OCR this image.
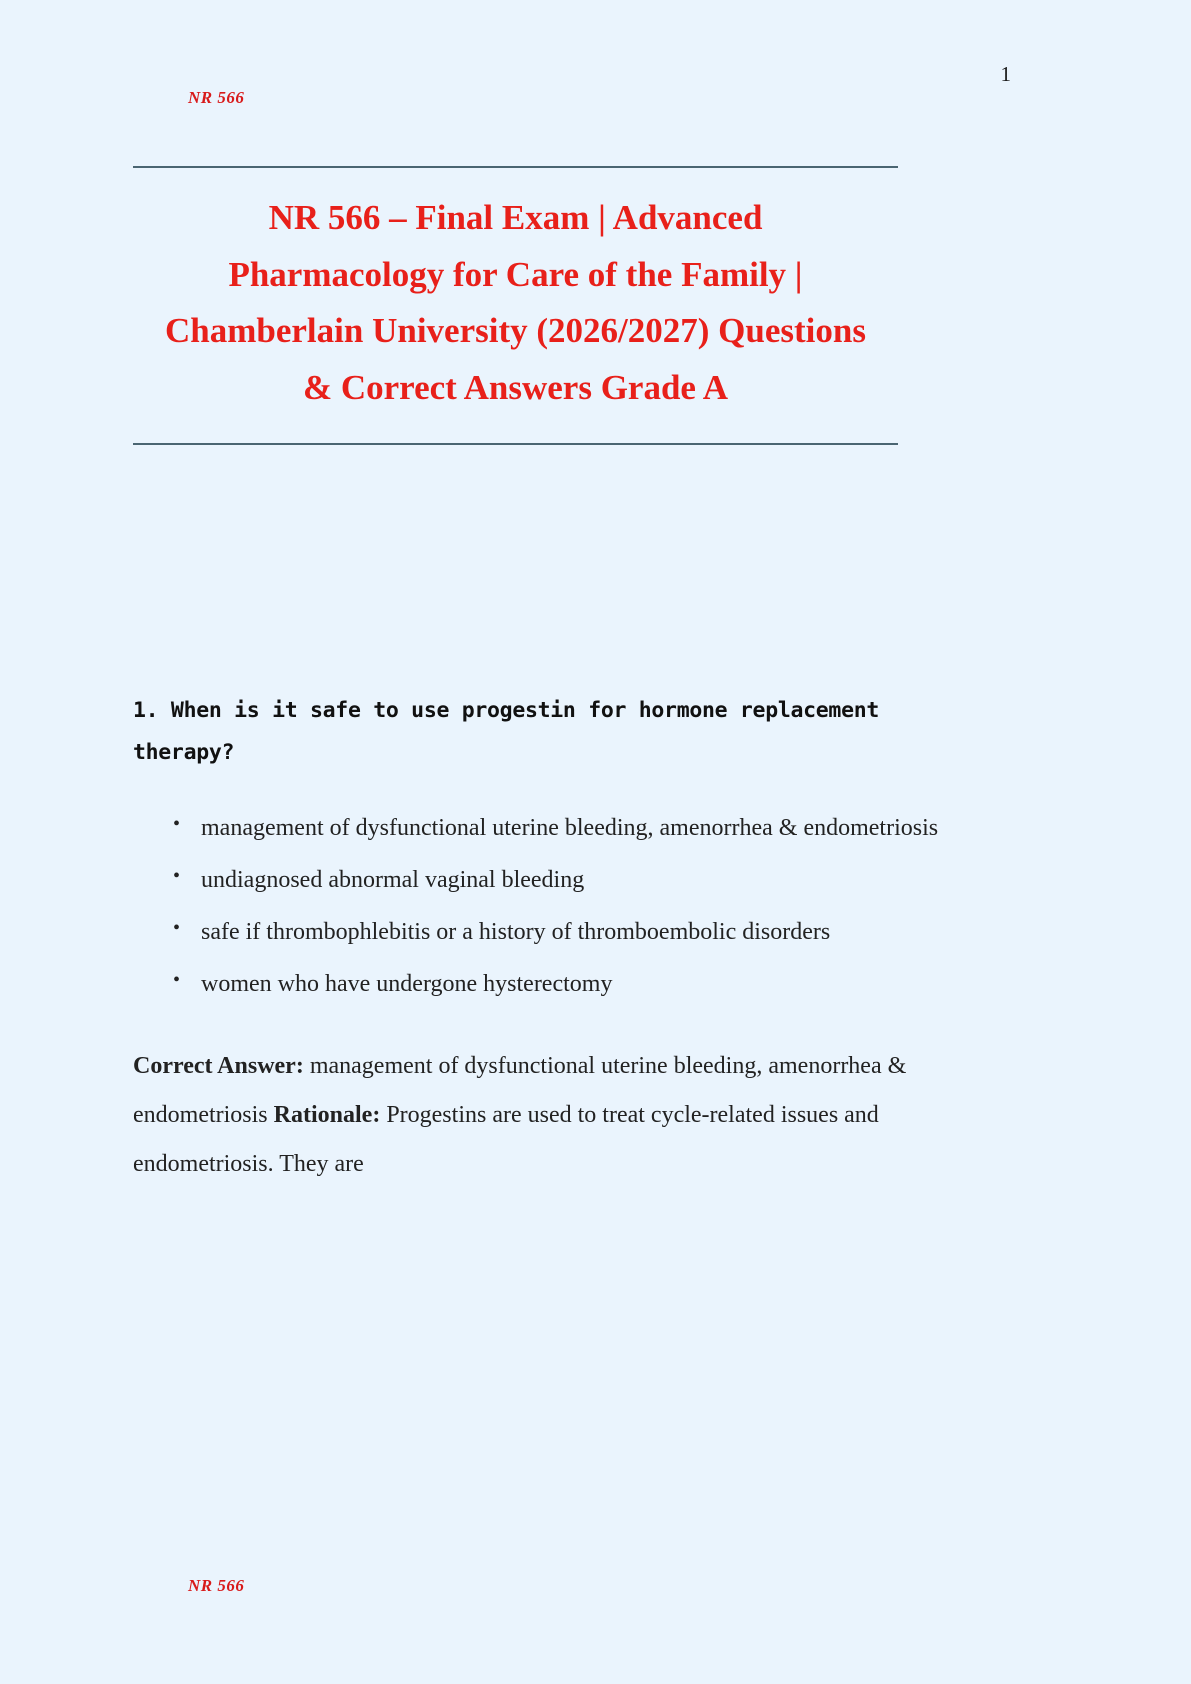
1
NR 566
NR 566 – Final Exam | Advanced Pharmacology for Care of the Family | Chamberlain University (2026/2027) Questions & Correct Answers Grade A

1. When is it safe to use progestin for hormone replacement therapy?

• management of dysfunctional uterine bleeding, amenorrhea & endometriosis
• undiagnosed abnormal vaginal bleeding
• safe if thrombophlebitis or a history of thromboembolic disorders
• women who have undergone hysterectomy

Correct Answer: management of dysfunctional uterine bleeding, amenorrhea & endometriosis Rationale: Progestins are used to treat cycle-related issues and endometriosis. They are

NR 566
